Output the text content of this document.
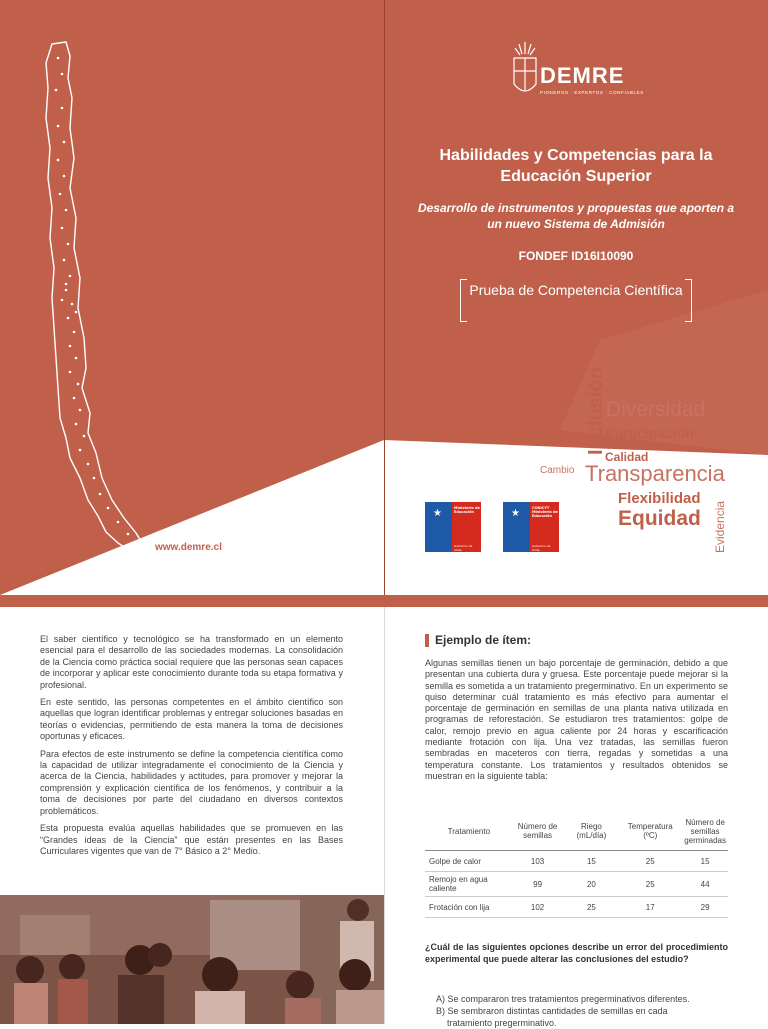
www.demre.cl
DEMRE
PIONEROS · EXPERTOS · CONFIABLES
Habilidades y Competencias para la Educación Superior
Desarrollo de instrumentos y propuestas que aporten a un nuevo Sistema de Admisión
FONDEF ID16I10090
Prueba de Competencia Científica
Inclusión Diversidad
Participación
Calidad
Cambio Transparencia
Flexibilidad
Equidad Evidencia
★	Ministerio de Educación
Gobierno de Chile
★	CONICYT Ministerio de Educación
Gobierno de Chile

El saber científico y tecnológico se ha transformado en un elemento esencial para el desarrollo de las sociedades modernas. La consolidación de la Ciencia como práctica social requiere que las personas sean capaces de incorporar y aplicar este conocimiento durante toda su etapa formativa y profesional.

En este sentido, las personas competentes en el ámbito científico son aquellas que logran identificar problemas y entregar soluciones basadas en teorías o evidencias, permitiendo de esta manera la toma de decisiones oportunas y eficaces.

Para efectos de este instrumento se define la competencia científica como la capacidad de utilizar integradamente el conocimiento de la Ciencia y acerca de la Ciencia, habilidades y actitudes, para promover y mejorar la comprensión y explicación científica de los fenómenos, y contribuir a la toma de decisiones por parte del ciudadano en diversos contextos problemáticos.

Esta propuesta evalúa aquellas habilidades que se promueven en las “Grandes ideas de la Ciencia” que están presentes en las Bases Curriculares vigentes que van de 7° Básico a 2° Medio.

Ejemplo de ítem:
Algunas semillas tienen un bajo porcentaje de germinación, debido a que presentan una cubierta dura y gruesa. Este porcentaje puede mejorar si la semilla es sometida a un tratamiento pregerminativo. En un experimento se quiso determinar cuál tratamiento es más efectivo para aumentar el porcentaje de germinación en semillas de una planta nativa utilizada en programas de reforestación. Se estudiaron tres tratamientos: golpe de calor, remojo previo en agua caliente por 24 horas y escarificación mediante frotación con lija. Una vez tratadas, las semillas fueron sembradas en maceteros con tierra, regadas y sometidas a una temperatura constante. Los tratamientos y resultados obtenidos se muestran en la siguiente tabla:
Tratamiento	Número de semillas	Riego (mL/día)	Temperatura (ºC)	Número de semillas germinadas
Golpe de calor	103	15	25	15
Remojo en agua caliente	99	20	25	44
Frotación con lija	102	25	17	29
¿Cuál de las siguientes opciones describe un error del procedimiento experimental que puede alterar las conclusiones del estudio?
A) Se compararon tres tratamientos pregerminativos diferentes.
B) Se sembraron distintas cantidades de semillas en cada
tratamiento pregerminativo.
